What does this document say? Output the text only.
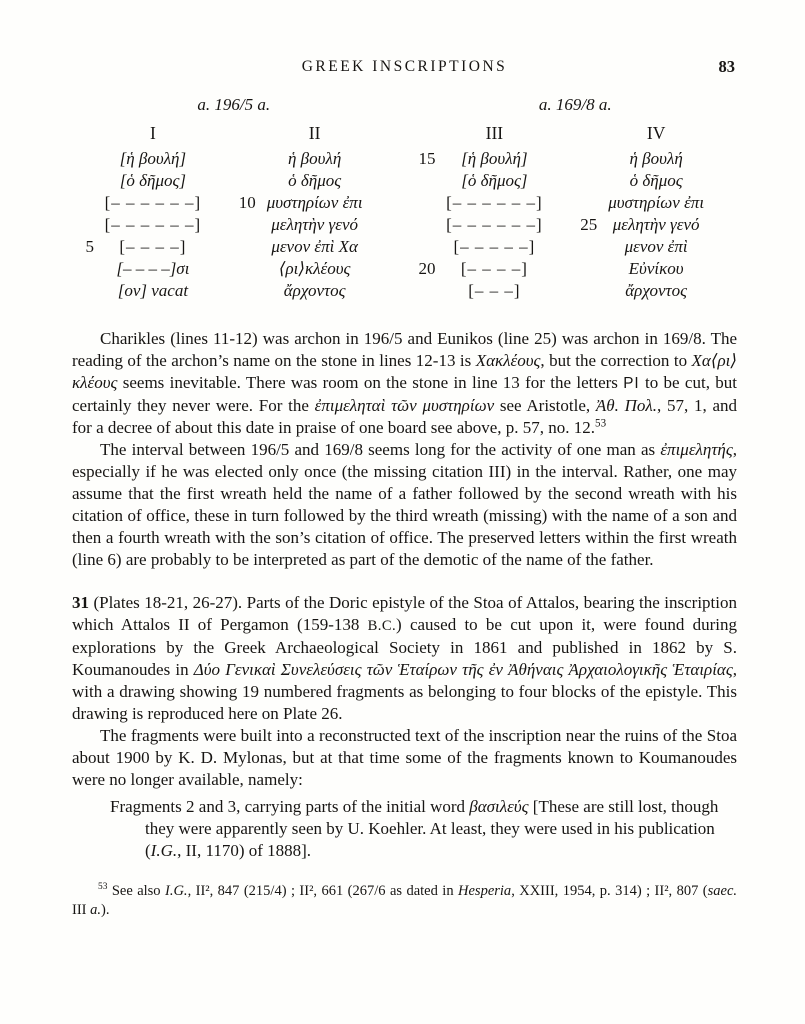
GREEK INSCRIPTIONS	83
a. 196/5 a.
I
[ἡ βουλή]
[ὁ δῆμος]
[– – – – – –]
[– – – – – –]
5 [– – – –]
[– – – –]σι
[ον] vacat
II
ἡ βουλή
ὁ δῆμος
10 μυστηρίων ἐπι
μελητὴν γενό
μενον ἐπὶ Χα
⟨ρι⟩κλέους
ἄρχοντος
a. 169/8 a.
III
15 [ἡ βουλή]
[ὁ δῆμος]
[– – – – – –]
[– – – – – –]
[– – – – –]
20 [– – – –]
[– – –]
IV
ἡ βουλή
ὁ δῆμος
μυστηρίων ἐπι
25 μελητὴν γενό
μενον ἐπὶ
Εὐνίκου
ἄρχοντος

Charikles (lines 11-12) was archon in 196/5 and Eunikos (line 25) was archon in 169/8. The reading of the archon’s name on the stone in lines 12-13 is Χακλέους, but the correction to Χα⟨ρι⟩κλέους seems inevitable. There was room on the stone in line 13 for the letters ΡΙ to be cut, but certainly they never were. For the ἐπιμεληταὶ τῶν μυστηρίων see Aristotle, Ἀθ. Πολ., 57, 1, and for a decree of about this date in praise of one board see above, p. 57, no. 12.53

The interval between 196/5 and 169/8 seems long for the activity of one man as ἐπιμελητής, especially if he was elected only once (the missing citation III) in the interval. Rather, one may assume that the first wreath held the name of a father followed by the second wreath with his citation of office, these in turn followed by the third wreath (missing) with the name of a son and then a fourth wreath with the son’s citation of office. The preserved letters within the first wreath (line 6) are probably to be interpreted as part of the demotic of the name of the father.

31 (Plates 18-21, 26-27). Parts of the Doric epistyle of the Stoa of Attalos, bearing the inscription which Attalos II of Pergamon (159-138 B.C.) caused to be cut upon it, were found during explorations by the Greek Archaeological Society in 1861 and published in 1862 by S. Koumanoudes in Δύο Γενικαὶ Συνελεύσεις τῶν Ἑταίρων τῆς ἐν Ἀθήναις Ἀρχαιολογικῆς Ἑταιρίας, with a drawing showing 19 numbered fragments as belonging to four blocks of the epistyle. This drawing is reproduced here on Plate 26.

The fragments were built into a reconstructed text of the inscription near the ruins of the Stoa about 1900 by K. D. Mylonas, but at that time some of the fragments known to Koumanoudes were no longer available, namely:

Fragments 2 and 3, carrying parts of the initial word βασιλεύς [These are still lost, though they were apparently seen by U. Koehler. At least, they were used in his publication (I.G., II, 1170) of 1888].

$^{53}$ See also I.G., II², 847 (215/4) ; II², 661 (267/6 as dated in Hesperia, XXIII, 1954, p. 314) ; II², 807 (saec. III a.).
